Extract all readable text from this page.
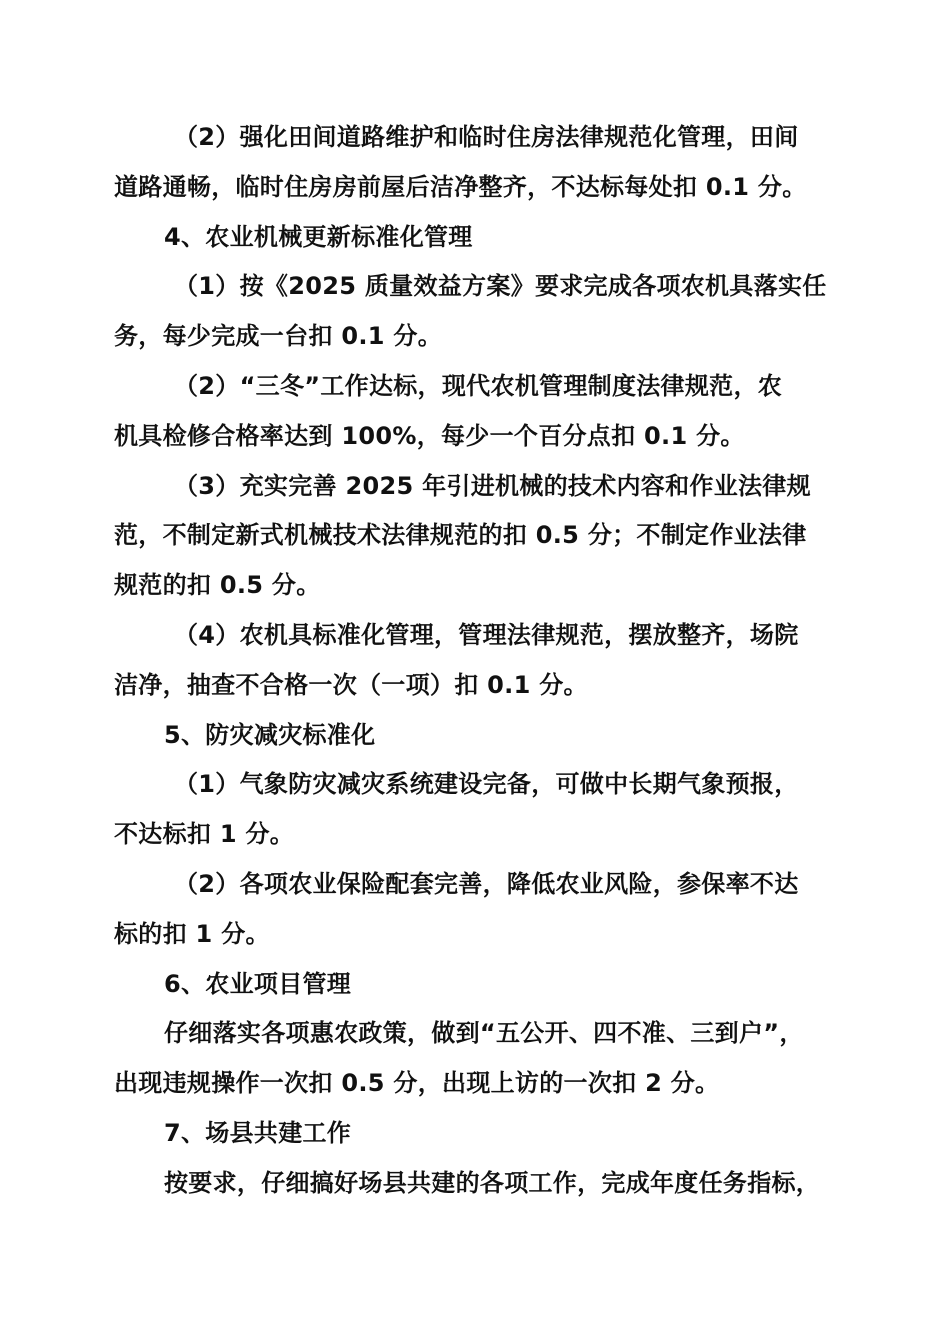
（2）强化田间道路维护和临时住房法律规范化管理，田间
道路通畅，临时住房房前屋后洁净整齐，不达标每处扣 0.1 分。
4、农业机械更新标准化管理
（1）按《2025 质量效益方案》要求完成各项农机具落实任
务，每少完成一台扣 0.1 分。
（2）“三冬”工作达标，现代农机管理制度法律规范，农
机具检修合格率达到 100%，每少一个百分点扣 0.1 分。
（3）充实完善 2025 年引进机械的技术内容和作业法律规
范，不制定新式机械技术法律规范的扣 0.5 分；不制定作业法律
规范的扣 0.5 分。
（4）农机具标准化管理，管理法律规范，摆放整齐，场院
洁净，抽查不合格一次（一项）扣 0.1 分。
5、防灾减灾标准化
（1）气象防灾减灾系统建设完备，可做中长期气象预报，
不达标扣 1 分。
（2）各项农业保险配套完善，降低农业风险，参保率不达
标的扣 1 分。
6、农业项目管理
仔细落实各项惠农政策，做到“五公开、四不准、三到户”，
出现违规操作一次扣 0.5 分，出现上访的一次扣 2 分。
7、场县共建工作
按要求，仔细搞好场县共建的各项工作，完成年度任务指标，
